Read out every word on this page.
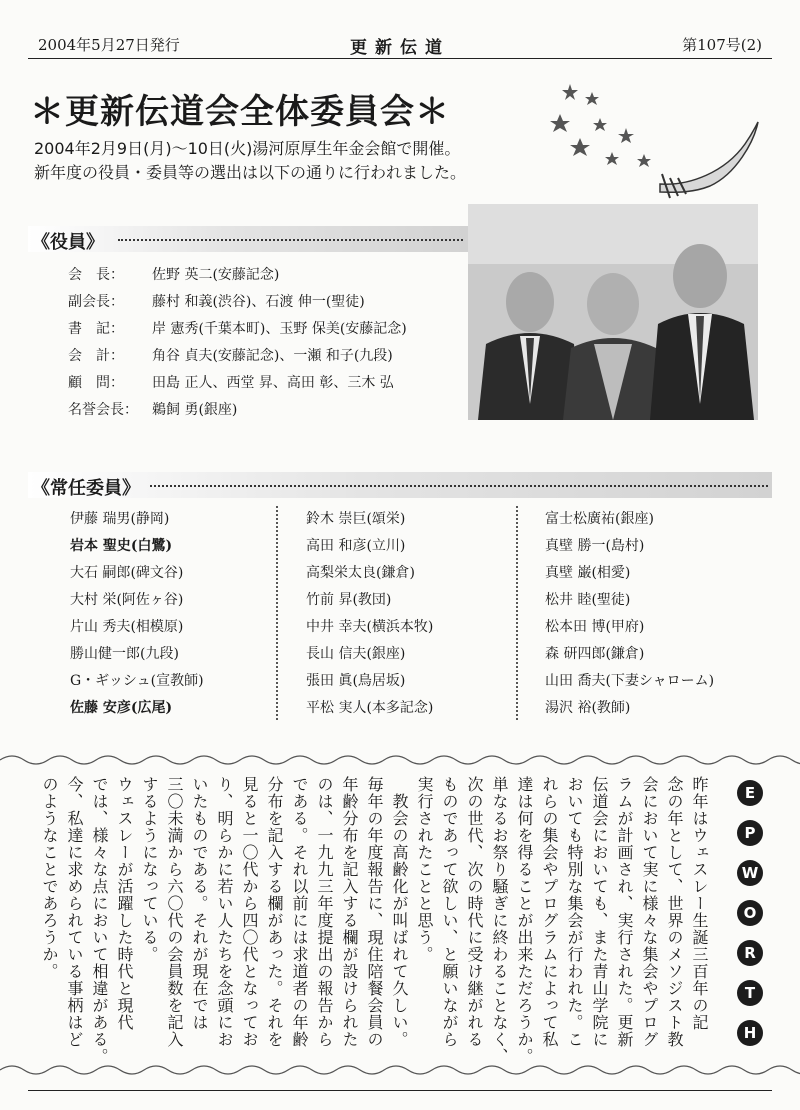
2004年5月27日発行	更新伝道	第107号(2)
＊更新伝道会全体委員会＊
2004年2月9日(月)～10日(火)湯河原厚生年金会館で開催。
新年度の役員・委員等の選出は以下の通りに行われました。
《役員》
会　長： 佐野 英二(安藤記念)
副会長： 藤村 和義(渋谷)、石渡 伸一(聖徒)
書　記： 岸 憲秀(千葉本町)、玉野 保美(安藤記念)
会　計： 角谷 貞夫(安藤記念)、一瀬 和子(九段)
顧　問： 田島 正人、西堂 昇、高田 彰、三木 弘
名誉会長： 鵜飼 勇(銀座)
《常任委員》
伊藤 瑞男(静岡)
岩本 聖史(白鷺)
大石 嗣郎(碑文谷)
大村 栄(阿佐ヶ谷)
片山 秀夫(相模原)
勝山健一郎(九段)
G・ギッシュ(宣教師)
佐藤 安彦(広尾)
鈴木 崇巨(頌栄)
高田 和彦(立川)
高梨栄太良(鎌倉)
竹前 昇(教団)
中井 幸夫(横浜本牧)
長山 信夫(銀座)
張田 眞(鳥居坂)
平松 実人(本多記念)
富士松廣祐(銀座)
真壁 勝一(島村)
真壁 巌(相愛)
松井 睦(聖徒)
松本田 博(甲府)
森 研四郎(鎌倉)
山田 喬夫(下妻シャローム)
湯沢 裕(教師)
E
P
W
O
R
T
H
昨年はウェスレー生誕三百年の記
念の年として、世界のメソジスト教
会において実に様々な集会やプログ
ラムが計画され、実行された。更新
伝道会においても、また青山学院に
おいても特別な集会が行われた。こ
れらの集会やプログラムによって私
達は何を得ることが出来ただろうか。
単なるお祭り騒ぎに終わることなく、
次の世代、次の時代に受け継がれる
ものであって欲しい、と願いながら
実行されたことと思う。
　教会の高齢化が叫ばれて久しい。
毎年の年度報告に、現住陪餐会員の
年齢分布を記入する欄が設けられた
のは、一九九三年度提出の報告から
である。それ以前には求道者の年齢
分布を記入する欄があった。それを
見ると一〇代から四〇代となってお
り、明らかに若い人たちを念頭にお
いたものである。それが現在では
三〇未満から六〇代の会員数を記入
するようになっている。
ウェスレーが活躍した時代と現代
では、様々な点において相違がある。
今、私達に求められている事柄はど
のようなことであろうか。
